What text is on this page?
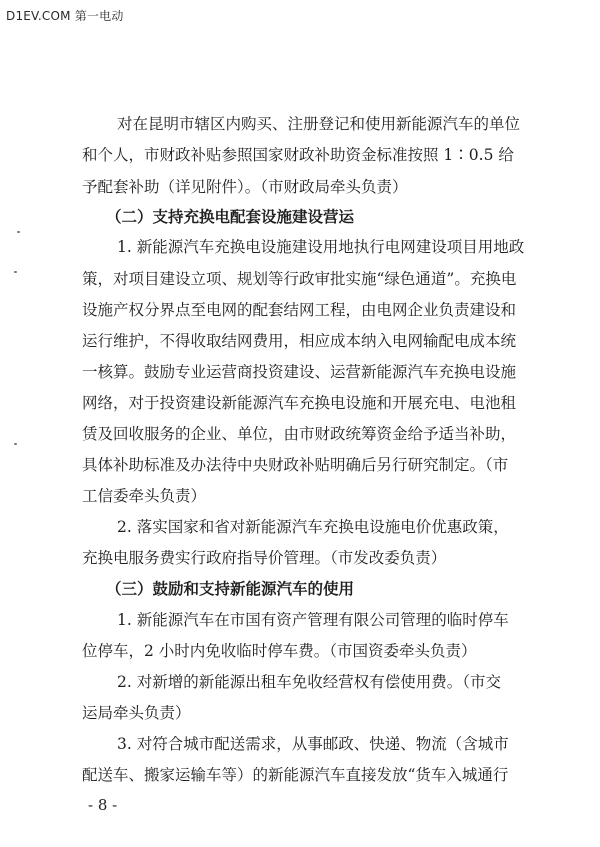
D1EV.COM 第一电动
对在昆明市辖区内购买、注册登记和使用新能源汽车的单位
和个人，市财政补贴参照国家财政补助资金标准按照 1∶0.5 给
予配套补助（详见附件）。（市财政局牵头负责）
（二）支持充换电配套设施建设营运
1. 新能源汽车充换电设施建设用地执行电网建设项目用地政
策，对项目建设立项、规划等行政审批实施“绿色通道”。充换电
设施产权分界点至电网的配套结网工程，由电网企业负责建设和
运行维护，不得收取结网费用，相应成本纳入电网输配电成本统
一核算。鼓励专业运营商投资建设、运营新能源汽车充换电设施
网络，对于投资建设新能源汽车充换电设施和开展充电、电池租
赁及回收服务的企业、单位，由市财政统筹资金给予适当补助，
具体补助标准及办法待中央财政补贴明确后另行研究制定。（市
工信委牵头负责）
2. 落实国家和省对新能源汽车充换电设施电价优惠政策，
充换电服务费实行政府指导价管理。（市发改委负责）
（三）鼓励和支持新能源汽车的使用
1. 新能源汽车在市国有资产管理有限公司管理的临时停车
位停车，2 小时内免收临时停车费。（市国资委牵头负责）
2. 对新增的新能源出租车免收经营权有偿使用费。（市交
运局牵头负责）
3. 对符合城市配送需求，从事邮政、快递、物流（含城市
配送车、搬家运输车等）的新能源汽车直接发放“货车入城通行
- 8 -
